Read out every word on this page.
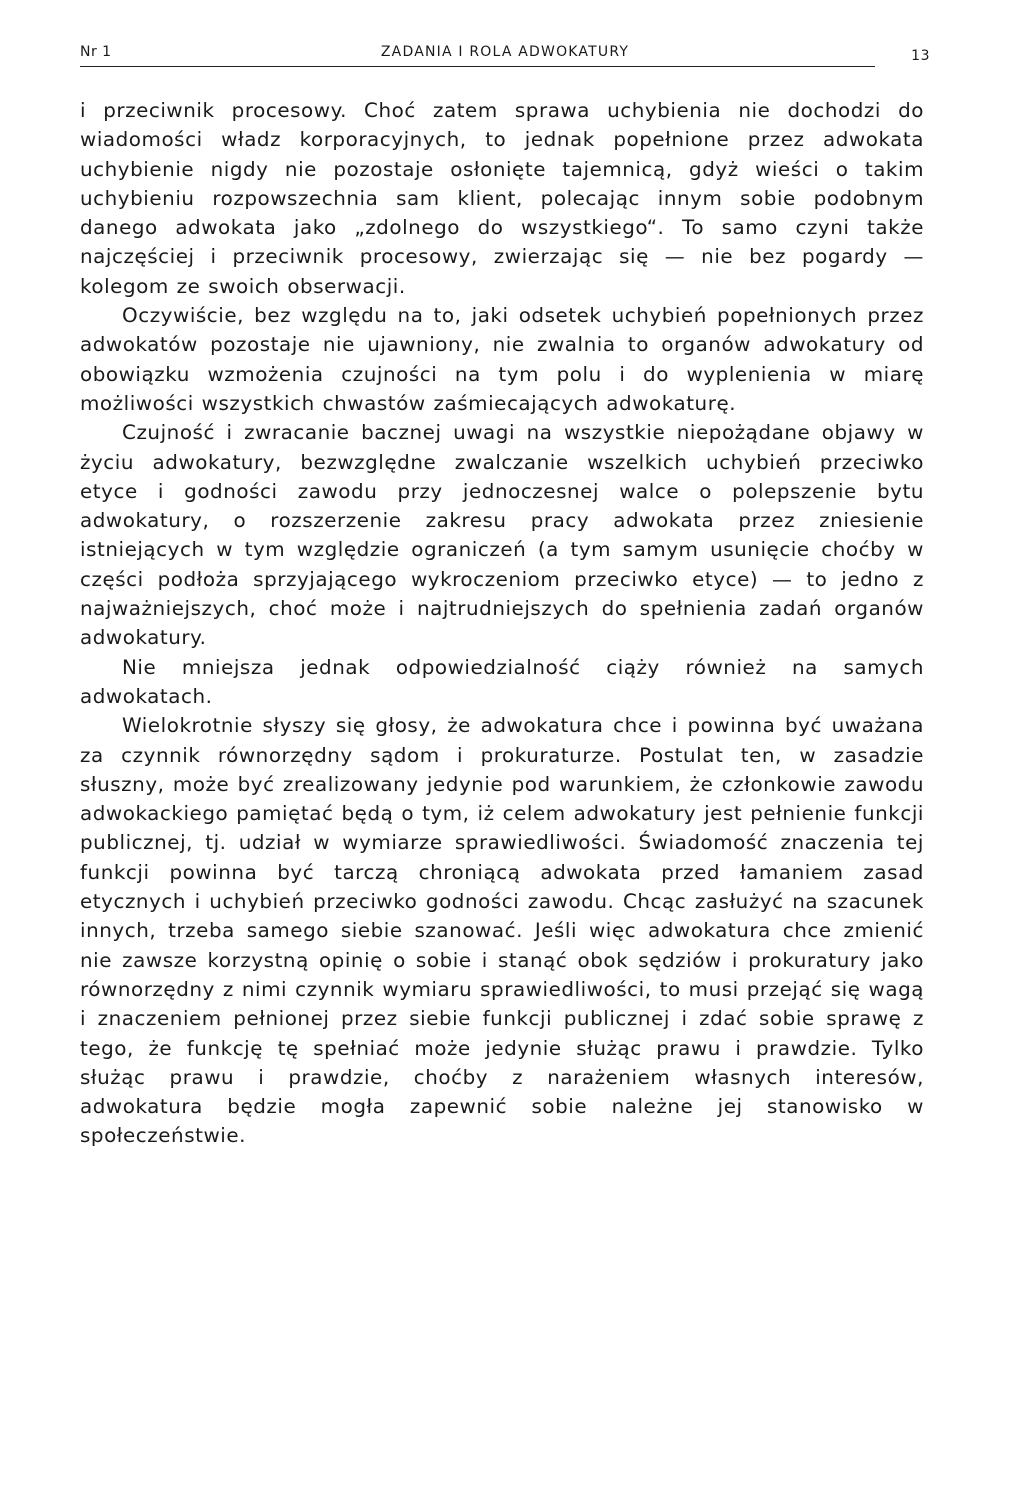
Nr 1	ZADANIA I ROLA ADWOKATURY	13

i przeciwnik procesowy. Choć zatem sprawa uchybienia nie dochodzi do wiadomości władz korporacyjnych, to jednak popełnione przez adwokata uchybienie nigdy nie pozostaje osłonięte tajemnicą, gdyż wieści o takim uchybieniu rozpowszechnia sam klient, polecając innym sobie podobnym danego adwokata jako „zdolnego do wszystkiego“. To samo czyni także najczęściej i przeciwnik procesowy, zwierzając się — nie bez pogardy — kolegom ze swoich obserwacji.

Oczywiście, bez względu na to, jaki odsetek uchybień popełnionych przez adwokatów pozostaje nie ujawniony, nie zwalnia to organów adwokatury od obowiązku wzmożenia czujności na tym polu i do wyplenienia w miarę możliwości wszystkich chwastów zaśmiecających adwokaturę.

Czujność i zwracanie bacznej uwagi na wszystkie niepożądane objawy w życiu adwokatury, bezwzględne zwalczanie wszelkich uchybień przeciwko etyce i godności zawodu przy jednoczesnej walce o polepszenie bytu adwokatury, o rozszerzenie zakresu pracy adwokata przez zniesienie istniejących w tym względzie ograniczeń (a tym samym usunięcie choćby w części podłoża sprzyjającego wykroczeniom przeciwko etyce) — to jedno z najważniejszych, choć może i najtrudniejszych do spełnienia zadań organów adwokatury.

Nie mniejsza jednak odpowiedzialność ciąży również na samych adwokatach.

Wielokrotnie słyszy się głosy, że adwokatura chce i powinna być uważana za czynnik równorzędny sądom i prokuraturze. Postulat ten, w zasadzie słuszny, może być zrealizowany jedynie pod warunkiem, że członkowie zawodu adwokackiego pamiętać będą o tym, iż celem adwokatury jest pełnienie funkcji publicznej, tj. udział w wymiarze sprawiedliwości. Świadomość znaczenia tej funkcji powinna być tarczą chroniącą adwokata przed łamaniem zasad etycznych i uchybień przeciwko godności zawodu. Chcąc zasłużyć na szacunek innych, trzeba samego siebie szanować. Jeśli więc adwokatura chce zmienić nie zawsze korzystną opinię o sobie i stanąć obok sędziów i prokuratury jako równorzędny z nimi czynnik wymiaru sprawiedliwości, to musi przejąć się wagą i znaczeniem pełnionej przez siebie funkcji publicznej i zdać sobie sprawę z tego, że funkcję tę spełniać może jedynie służąc prawu i prawdzie. Tylko służąc prawu i prawdzie, choćby z narażeniem własnych interesów, adwokatura będzie mogła zapewnić sobie należne jej stanowisko w społeczeństwie.
